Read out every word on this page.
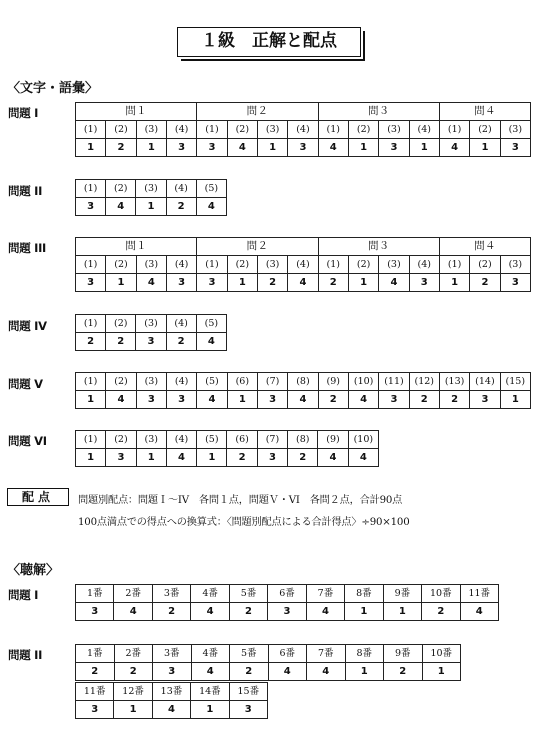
１級　正解と配点
〈文字・語彙〉
問題 I	問１				問２				問３				問４		
(1)	(2)	(3)	(4)	(1)	(2)	(3)	(4)	(1)	(2)	(3)	(4)	(1)	(2)	(3)
1	2	1	3	3	4	1	3	4	1	3	1	4	1	3
問題 II	(1)	(2)	(3)	(4)	(5)
3	4	1	2	4
問題 III	問１				問２				問３				問４		
(1)	(2)	(3)	(4)	(1)	(2)	(3)	(4)	(1)	(2)	(3)	(4)	(1)	(2)	(3)
3	1	4	3	3	1	2	4	2	1	4	3	1	2	3
問題 IV	(1)	(2)	(3)	(4)	(5)
2	2	3	2	4
問題 V	(1)	(2)	(3)	(4)	(5)	(6)	(7)	(8)	(9)	(10)	(11)	(12)	(13)	(14)	(15)
1	4	3	3	4	1	3	4	2	4	3	2	2	3	1
問題 VI	(1)	(2)	(3)	(4)	(5)	(6)	(7)	(8)	(9)	(10)
1	3	1	4	1	2	3	2	4	4
配点	問題別配点：問題Ｉ～IV　各問１点，問題Ｖ・VI　各問２点，合計90点
100点満点での得点への換算式：〈問題別配点による合計得点〉÷90×100
〈聴解〉
問題 I	1番	2番	3番	4番	5番	6番	7番	8番	9番	10番	11番
3	4	2	4	2	3	4	1	1	2	4
問題 II	1番	2番	3番	4番	5番	6番	7番	8番	9番	10番
2	2	3	4	2	4	4	1	2	1
11番	12番	13番	14番	15番
3	1	4	1	3
